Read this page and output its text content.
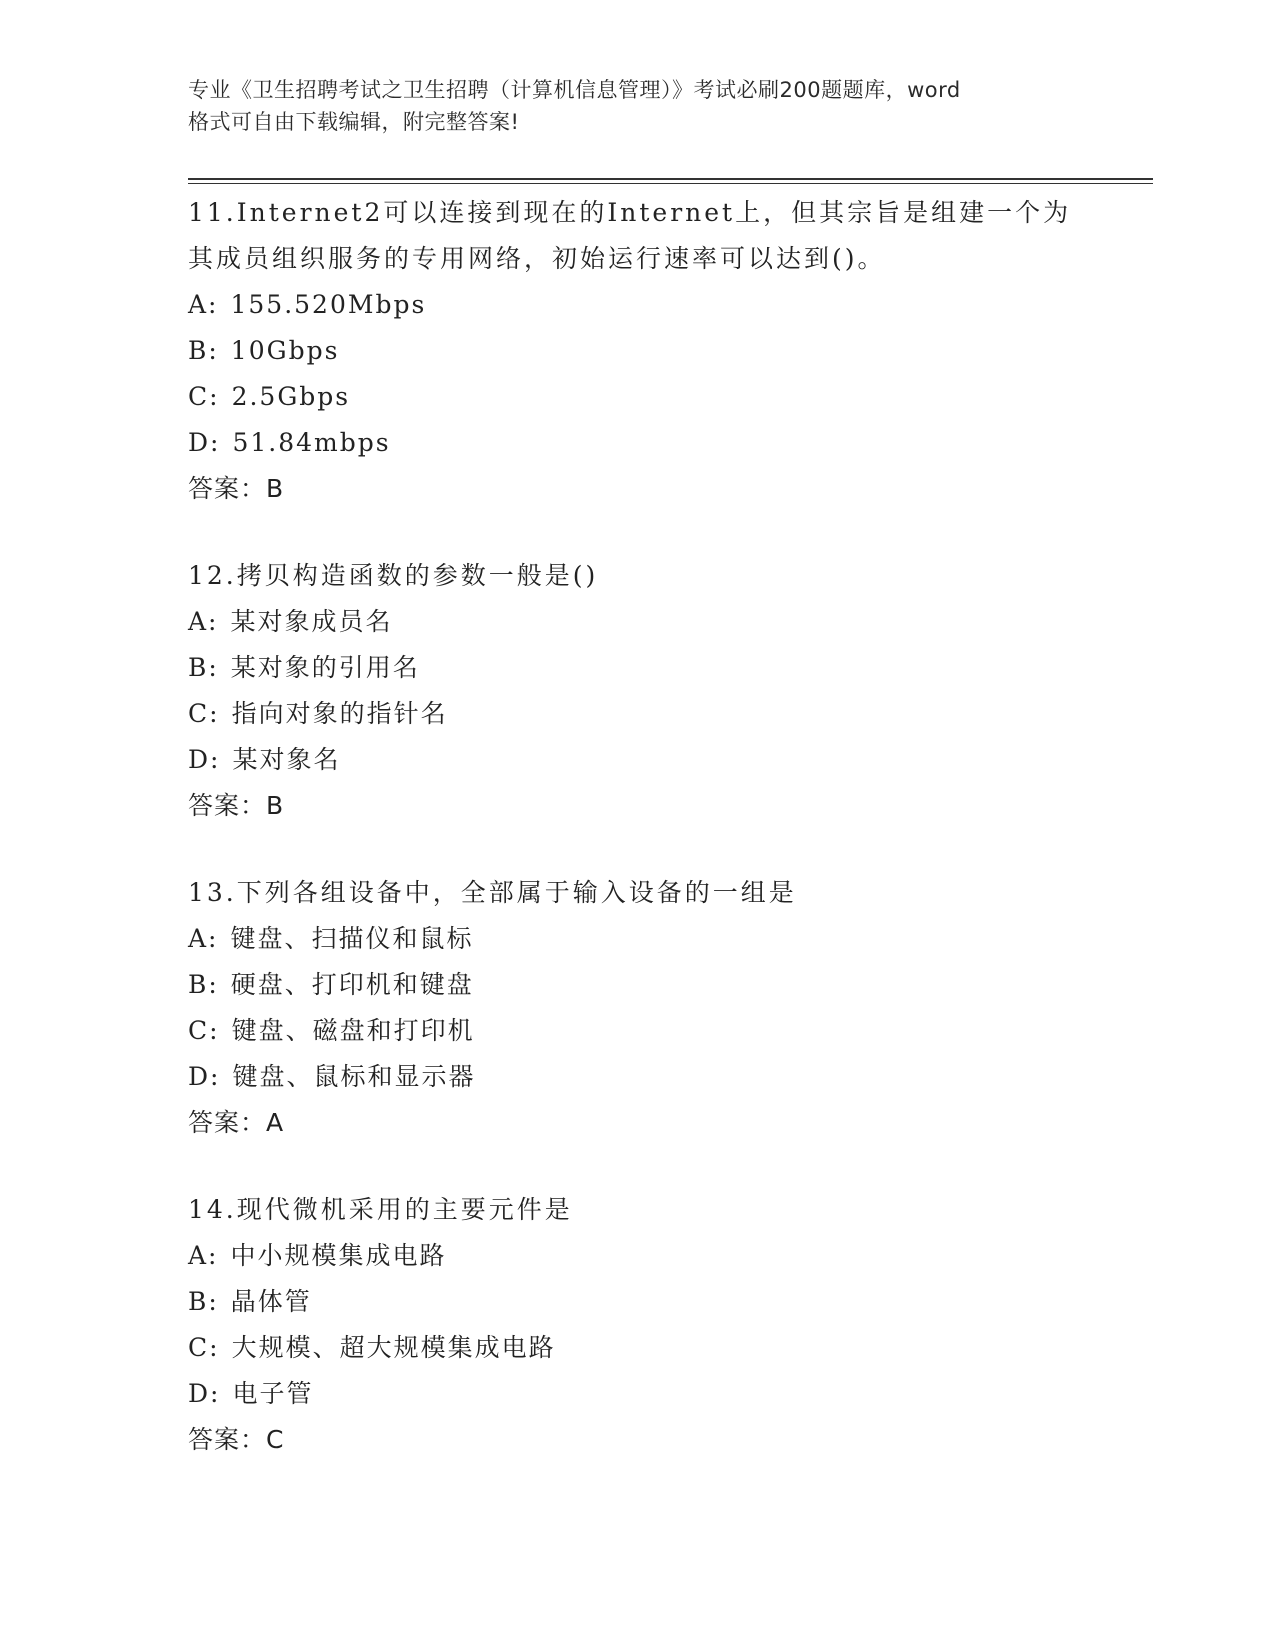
专业《卫生招聘考试之卫生招聘（计算机信息管理）》考试必刷200题题库，word
格式可自由下载编辑，附完整答案!

11.Internet2可以连接到现在的Internet上，但其宗旨是组建一个为

其成员组织服务的专用网络，初始运行速率可以达到()。

A: 155.520Mbps

B: 10Gbps

C: 2.5Gbps

D: 51.84mbps

答案：B

12.拷贝构造函数的参数一般是()

A: 某对象成员名

B: 某对象的引用名

C: 指向对象的指针名

D: 某对象名

答案：B

13.下列各组设备中，全部属于输入设备的一组是

A: 键盘、扫描仪和鼠标

B: 硬盘、打印机和键盘

C: 键盘、磁盘和打印机

D: 键盘、鼠标和显示器

答案：A

14.现代微机采用的主要元件是

A: 中小规模集成电路

B: 晶体管

C: 大规模、超大规模集成电路

D: 电子管

答案：C
